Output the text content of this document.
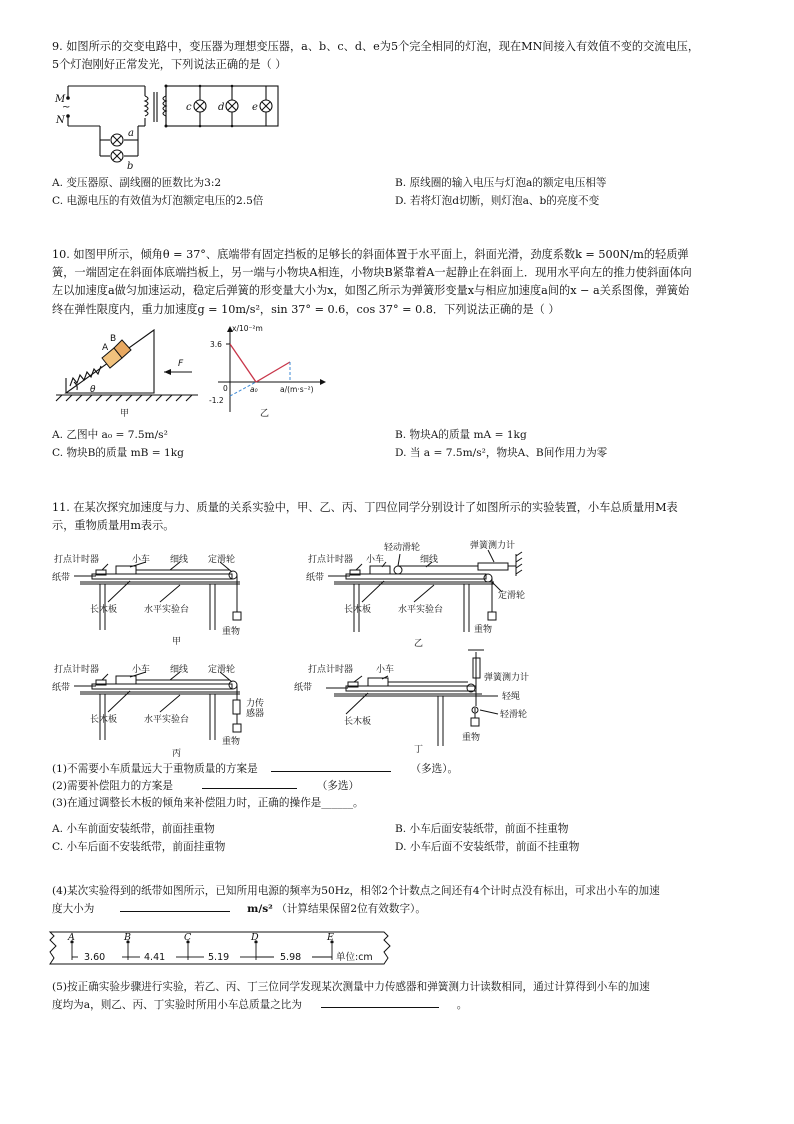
9. 如图所示的交变电路中，变压器为理想变压器，a、b、c、d、e为5个完全相同的灯泡，现在MN间接入有效值不变的交流电压，
5个灯泡刚好正常发光，下列说法正确的是（ ）
M
~
N
a
b
c	d	e
A. 变压器原、副线圈的匝数比为3:2	B. 原线圈的输入电压与灯泡a的额定电压相等
C. 电源电压的有效值为灯泡额定电压的2.5倍	D. 若将灯泡d切断，则灯泡a、b的亮度不变
10. 如图甲所示，倾角θ = 37°、底端带有固定挡板的足够长的斜面体置于水平面上，斜面光滑，劲度系数k = 500N/m的轻质弹
簧，一端固定在斜面体底端挡板上，另一端与小物块A相连，小物块B紧靠着A一起静止在斜面上．现用水平向左的推力使斜面体向
左以加速度a做匀加速运动，稳定后弹簧的形变量大小为x，如图乙所示为弹簧形变量x与相应加速度a间的x − a关系图像，弹簧始
终在弹性限度内，重力加速度g = 10m/s²，sin 37° = 0.6，cos 37° = 0.8．下列说法正确的是（ ）
A
B
F
θ
甲
x/10⁻²m
3.6
0
-1.2
a₀	a/(m·s⁻²)
乙
A. 乙图中 a₀ = 7.5m/s²	B. 物块A的质量 mA = 1kg
C. 物块B的质量 mB = 1kg	D. 当 a = 7.5m/s²，物块A、B间作用力为零
11. 在某次探究加速度与力、质量的关系实验中，甲、乙、丙、丁四位同学分别设计了如图所示的实验装置，小车总质量用M表
示，重物质量用m表示。
打点计时器	小车 细线 定滑轮
纸带
长木板	水平实验台
重物
甲
轻动滑轮	弹簧测力计
打点计时器 小车	细线
纸带
定滑轮
长木板	水平实验台
重物
乙
打点计时器	小车 细线 定滑轮
纸带
力传
感器
长木板	水平实验台
重物
丙
打点计时器	小车
弹簧测力计
纸带
轻绳
轻滑轮
长木板
重物
丁
(1)不需要小车质量远大于重物质量的方案是	（多选）。
(2)需要补偿阻力的方案是	（多选）
(3)在通过调整长木板的倾角来补偿阻力时，正确的操作是______。
A. 小车前面安装纸带，前面挂重物	B. 小车后面安装纸带，前面不挂重物
C. 小车后面不安装纸带，前面挂重物	D. 小车后面不安装纸带，前面不挂重物
(4)某次实验得到的纸带如图所示，已知所用电源的频率为50Hz，相邻2个计数点之间还有4个计时点没有标出，可求出小车的加速
度大小为	m/s² （计算结果保留2位有效数字）。
A	B	C	D	E
3.60	4.41	5.19	5.98	单位:cm
(5)按正确实验步骤进行实验，若乙、丙、丁三位同学发现某次测量中力传感器和弹簧测力计读数相同，通过计算得到小车的加速
度均为a，则乙、丙、丁实验时所用小车总质量之比为	。
